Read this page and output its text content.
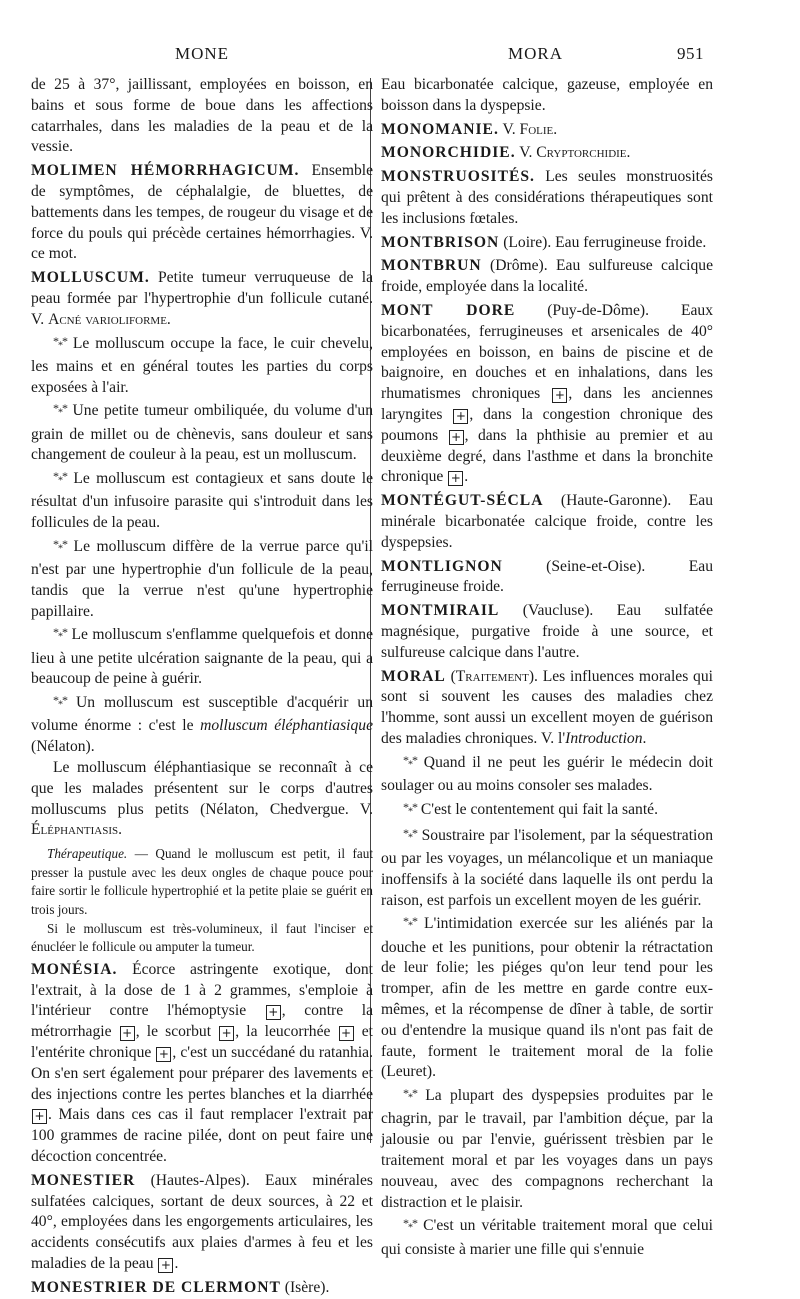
MONE	MORA	951

de 25 à 37°, jaillissant, employées en boisson, en bains et sous forme de boue dans les affections catarrhales, dans les maladies de la peau et de la vessie.

MOLIMEN HÉMORRHAGICUM. Ensemble de symptômes, de céphalalgie, de bluettes, de battements dans les tempes, de rougeur du visage et de force du pouls qui précède certaines hémorrhagies. V. ce mot.

MOLLUSCUM. Petite tumeur verruqueuse de la peau formée par l'hypertrophie d'un follicule cutané. V. Acné varioliforme.

$*_**$ Le molluscum occupe la face, le cuir chevelu, les mains et en général toutes les parties du corps exposées à l'air.

$*_**$ Une petite tumeur ombiliquée, du volume d'un grain de millet ou de chènevis, sans douleur et sans changement de couleur à la peau, est un molluscum.

$*_**$ Le molluscum est contagieux et sans doute le résultat d'un infusoire parasite qui s'introduit dans les follicules de la peau.

$*_**$ Le molluscum diffère de la verrue parce qu'il n'est par une hypertrophie d'un follicule de la peau, tandis que la verrue n'est qu'une hypertrophie papillaire.

$*_**$ Le molluscum s'enflamme quelquefois et donne lieu à une petite ulcération saignante de la peau, qui a beaucoup de peine à guérir.

$*_**$ Un molluscum est susceptible d'acquérir un volume énorme : c'est le molluscum éléphantiasique (Nélaton).

Le molluscum éléphantiasique se reconnaît à ce que les malades présentent sur le corps d'autres molluscums plus petits (Nélaton, Chedvergue. V. Éléphantiasis.

Thérapeutique. — Quand le molluscum est petit, il faut presser la pustule avec les deux ongles de chaque pouce pour faire sortir le follicule hypertrophié et la petite plaie se guérit en trois jours.

Si le molluscum est très-volumineux, il faut l'inciser et énucléer le follicule ou amputer la tumeur.

MONÉSIA. Écorce astringente exotique, dont l'extrait, à la dose de 1 à 2 grammes, s'emploie à l'intérieur contre l'hémoptysie + , contre la métrorrhagie + , le scorbut + , la leucorrhée + et l'entérite chronique + , c'est un succédané du ratanhia. On s'en sert également pour préparer des lavements et des injections contre les pertes blanches et la diarrhée + . Mais dans ces cas il faut remplacer l'extrait par 100 grammes de racine pilée, dont on peut faire une décoction concentrée.

MONESTIER (Hautes-Alpes). Eaux minérales sulfatées calciques, sortant de deux sources, à 22 et 40°, employées dans les engorgements articulaires, les accidents consécutifs aux plaies d'armes à feu et les maladies de la peau + .

MONESTRIER DE CLERMONT (Isère).

Eau bicarbonatée calcique, gazeuse, employée en boisson dans la dyspepsie.

MONOMANIE. V. Folie.

MONORCHIDIE. V. Cryptorchidie.

MONSTRUOSITÉS. Les seules monstruosités qui prêtent à des considérations thérapeutiques sont les inclusions fœtales.

MONTBRISON (Loire). Eau ferrugineuse froide.

MONTBRUN (Drôme). Eau sulfureuse calcique froide, employée dans la localité.

MONT DORE (Puy-de-Dôme). Eaux bicarbonatées, ferrugineuses et arsenicales de 40° employées en boisson, en bains de piscine et de baignoire, en douches et en inhalations, dans les rhumatismes chroniques + , dans les anciennes laryngites + , dans la congestion chronique des poumons + , dans la phthisie au premier et au deuxième degré, dans l'asthme et dans la bronchite chronique + .

MONTÉGUT-SÉCLA (Haute-Garonne). Eau minérale bicarbonatée calcique froide, contre les dyspepsies.

MONTLIGNON (Seine-et-Oise). Eau ferrugineuse froide.

MONTMIRAIL (Vaucluse). Eau sulfatée magnésique, purgative froide à une source, et sulfureuse calcique dans l'autre.

MORAL (Traitement). Les influences morales qui sont si souvent les causes des maladies chez l'homme, sont aussi un excellent moyen de guérison des maladies chroniques. V. l'Introduction.

$*_**$ Quand il ne peut les guérir le médecin doit soulager ou au moins consoler ses malades.

$*_**$ C'est le contentement qui fait la santé.

$*_**$ Soustraire par l'isolement, par la séquestration ou par les voyages, un mélancolique et un maniaque inoffensifs à la société dans laquelle ils ont perdu la raison, est parfois un excellent moyen de les guérir.

$*_**$ L'intimidation exercée sur les aliénés par la douche et les punitions, pour obtenir la rétractation de leur folie; les piéges qu'on leur tend pour les tromper, afin de les mettre en garde contre eux-mêmes, et la récompense de dîner à table, de sortir ou d'entendre la musique quand ils n'ont pas fait de faute, forment le traitement moral de la folie (Leuret).

$*_**$ La plupart des dyspepsies produites par le chagrin, par le travail, par l'ambition déçue, par la jalousie ou par l'envie, guérissent trèsbien par le traitement moral et par les voyages dans un pays nouveau, avec des compagnons recherchant la distraction et le plaisir.

$*_**$ C'est un véritable traitement moral que celui qui consiste à marier une fille qui s'ennuie
